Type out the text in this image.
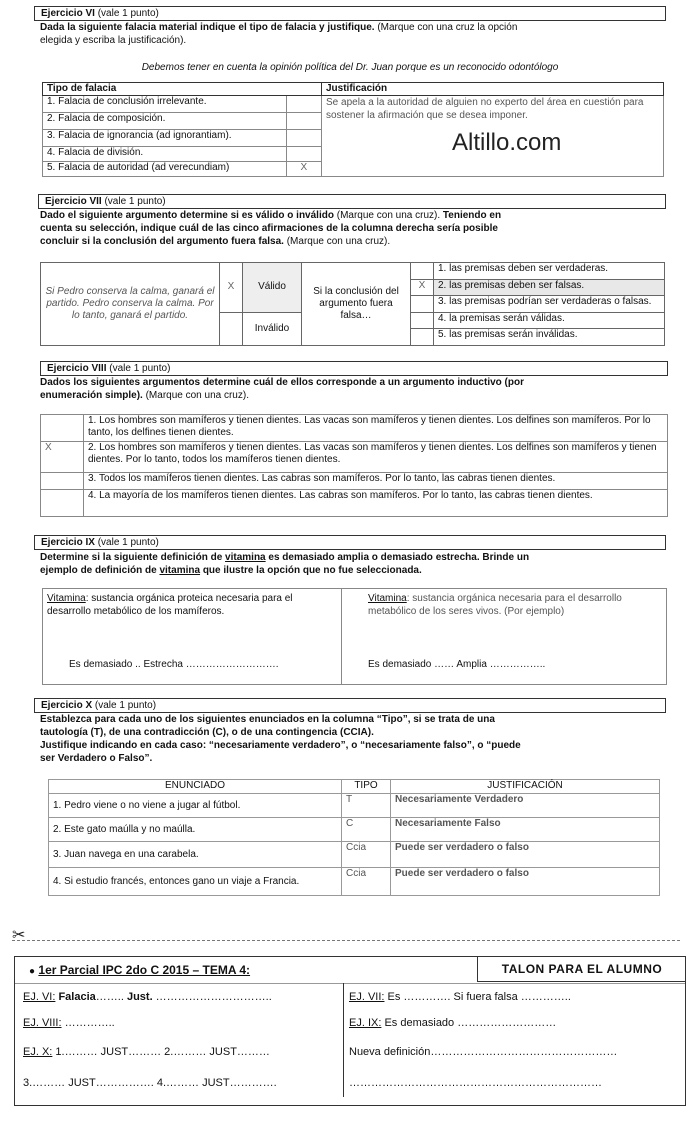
Ejercicio VI (vale 1 punto)
Dada la siguiente falacia material indique el tipo de falacia y justifique. (Marque con una cruz la opción
elegida y escriba la justificación).
Debemos tener en cuenta la opinión política del Dr. Juan porque es un reconocido odontólogo
Tipo de falacia		Justificación
1. Falacia de conclusión irrelevante.		Se apela a la autoridad de alguien no experto del área en cuestión para sostener la afirmación que se desea imponer.
Altillo.com

2. Falacia de composición.		
3. Falacia de ignorancia (ad ignorantiam).		
4. Falacia de división.		
5. Falacia de autoridad (ad verecundiam)	X	
Ejercicio VII (vale 1 punto)
Dado el siguiente argumento determine si es válido o inválido (Marque con una cruz). Teniendo en
cuenta su selección, indique cuál de las cinco afirmaciones de la columna derecha sería posible
concluir si la conclusión del argumento fuera falsa. (Marque con una cruz).
Si Pedro conserva la calma, ganará el partido. Pedro conserva la calma. Por lo tanto, ganará el partido.	X	Válido	Si la conclusión del argumento fuera falsa…		1. las premisas deben ser verdaderas.
				X	2. las premisas deben ser falsas.
					3. las premisas podrían ser verdaderas o falsas.
		Inválido			4. la premisas serán válidas.
					5. las premisas serán inválidas.
Ejercicio VIII (vale 1 punto)
Dados los siguientes argumentos determine cuál de ellos corresponde a un argumento inductivo (por
enumeración simple). (Marque con una cruz).
	1. Los hombres son mamíferos y tienen dientes. Las vacas son mamíferos y tienen dientes. Los delfines son mamíferos. Por lo tanto, los delfines tienen dientes.
X	2. Los hombres son mamíferos y tienen dientes. Las vacas son mamíferos y tienen dientes. Los delfines son mamíferos y tienen dientes. Por lo tanto, todos los mamíferos tienen dientes.
	3. Todos los mamíferos tienen dientes. Las cabras son mamíferos. Por lo tanto, las cabras tienen dientes.
	4. La mayoría de los mamíferos tienen dientes. Las cabras son mamíferos. Por lo tanto, las cabras tienen dientes.
Ejercicio IX (vale 1 punto)
Determine si la siguiente definición de vitamina es demasiado amplia o demasiado estrecha. Brinde un
ejemplo de definición de vitamina que ilustre la opción que no fue seleccionada.
Vitamina: sustancia orgánica proteica necesaria para el desarrollo metabólico de los mamíferos.
Es demasiado .. Estrecha ……………………….
Vitamina: sustancia orgánica necesaria para el desarrollo metabólico de los seres vivos. (Por ejemplo)
Es demasiado …… Amplia ……………..
Ejercicio X (vale 1 punto)
Establezca para cada uno de los siguientes enunciados en la columna “Tipo”, si se trata de una
tautología (T), de una contradicción (C), o de una contingencia (CCIA).
Justifique indicando en cada caso: “necesariamente verdadero”, o “necesariamente falso”, o “puede
ser Verdadero o Falso”.
ENUNCIADO	TIPO	JUSTIFICACIÓN
1. Pedro viene o no viene a jugar al fútbol.	T	Necesariamente Verdadero
2. Este gato maúlla y no maúlla.	C	Necesariamente Falso
3. Juan navega en una carabela.	Ccia	Puede ser verdadero o falso
4. Si estudio francés, entonces gano un viaje a Francia.	Ccia	Puede ser verdadero o falso
✂
● 1er Parcial IPC 2do C 2015 – TEMA 4:	TALON PARA EL ALUMNO
EJ. VI: Falacia…….. Just. …………………………..	EJ. VII: Es …………. Si fuera falsa …………..
EJ. VIII: …………..	EJ. IX: Es demasiado ………………………
EJ. X: 1.……… JUST……… 2.……… JUST………	Nueva definición……………………………………………
3.……… JUST……………. 4.……… JUST………….	……………………………………………………………
